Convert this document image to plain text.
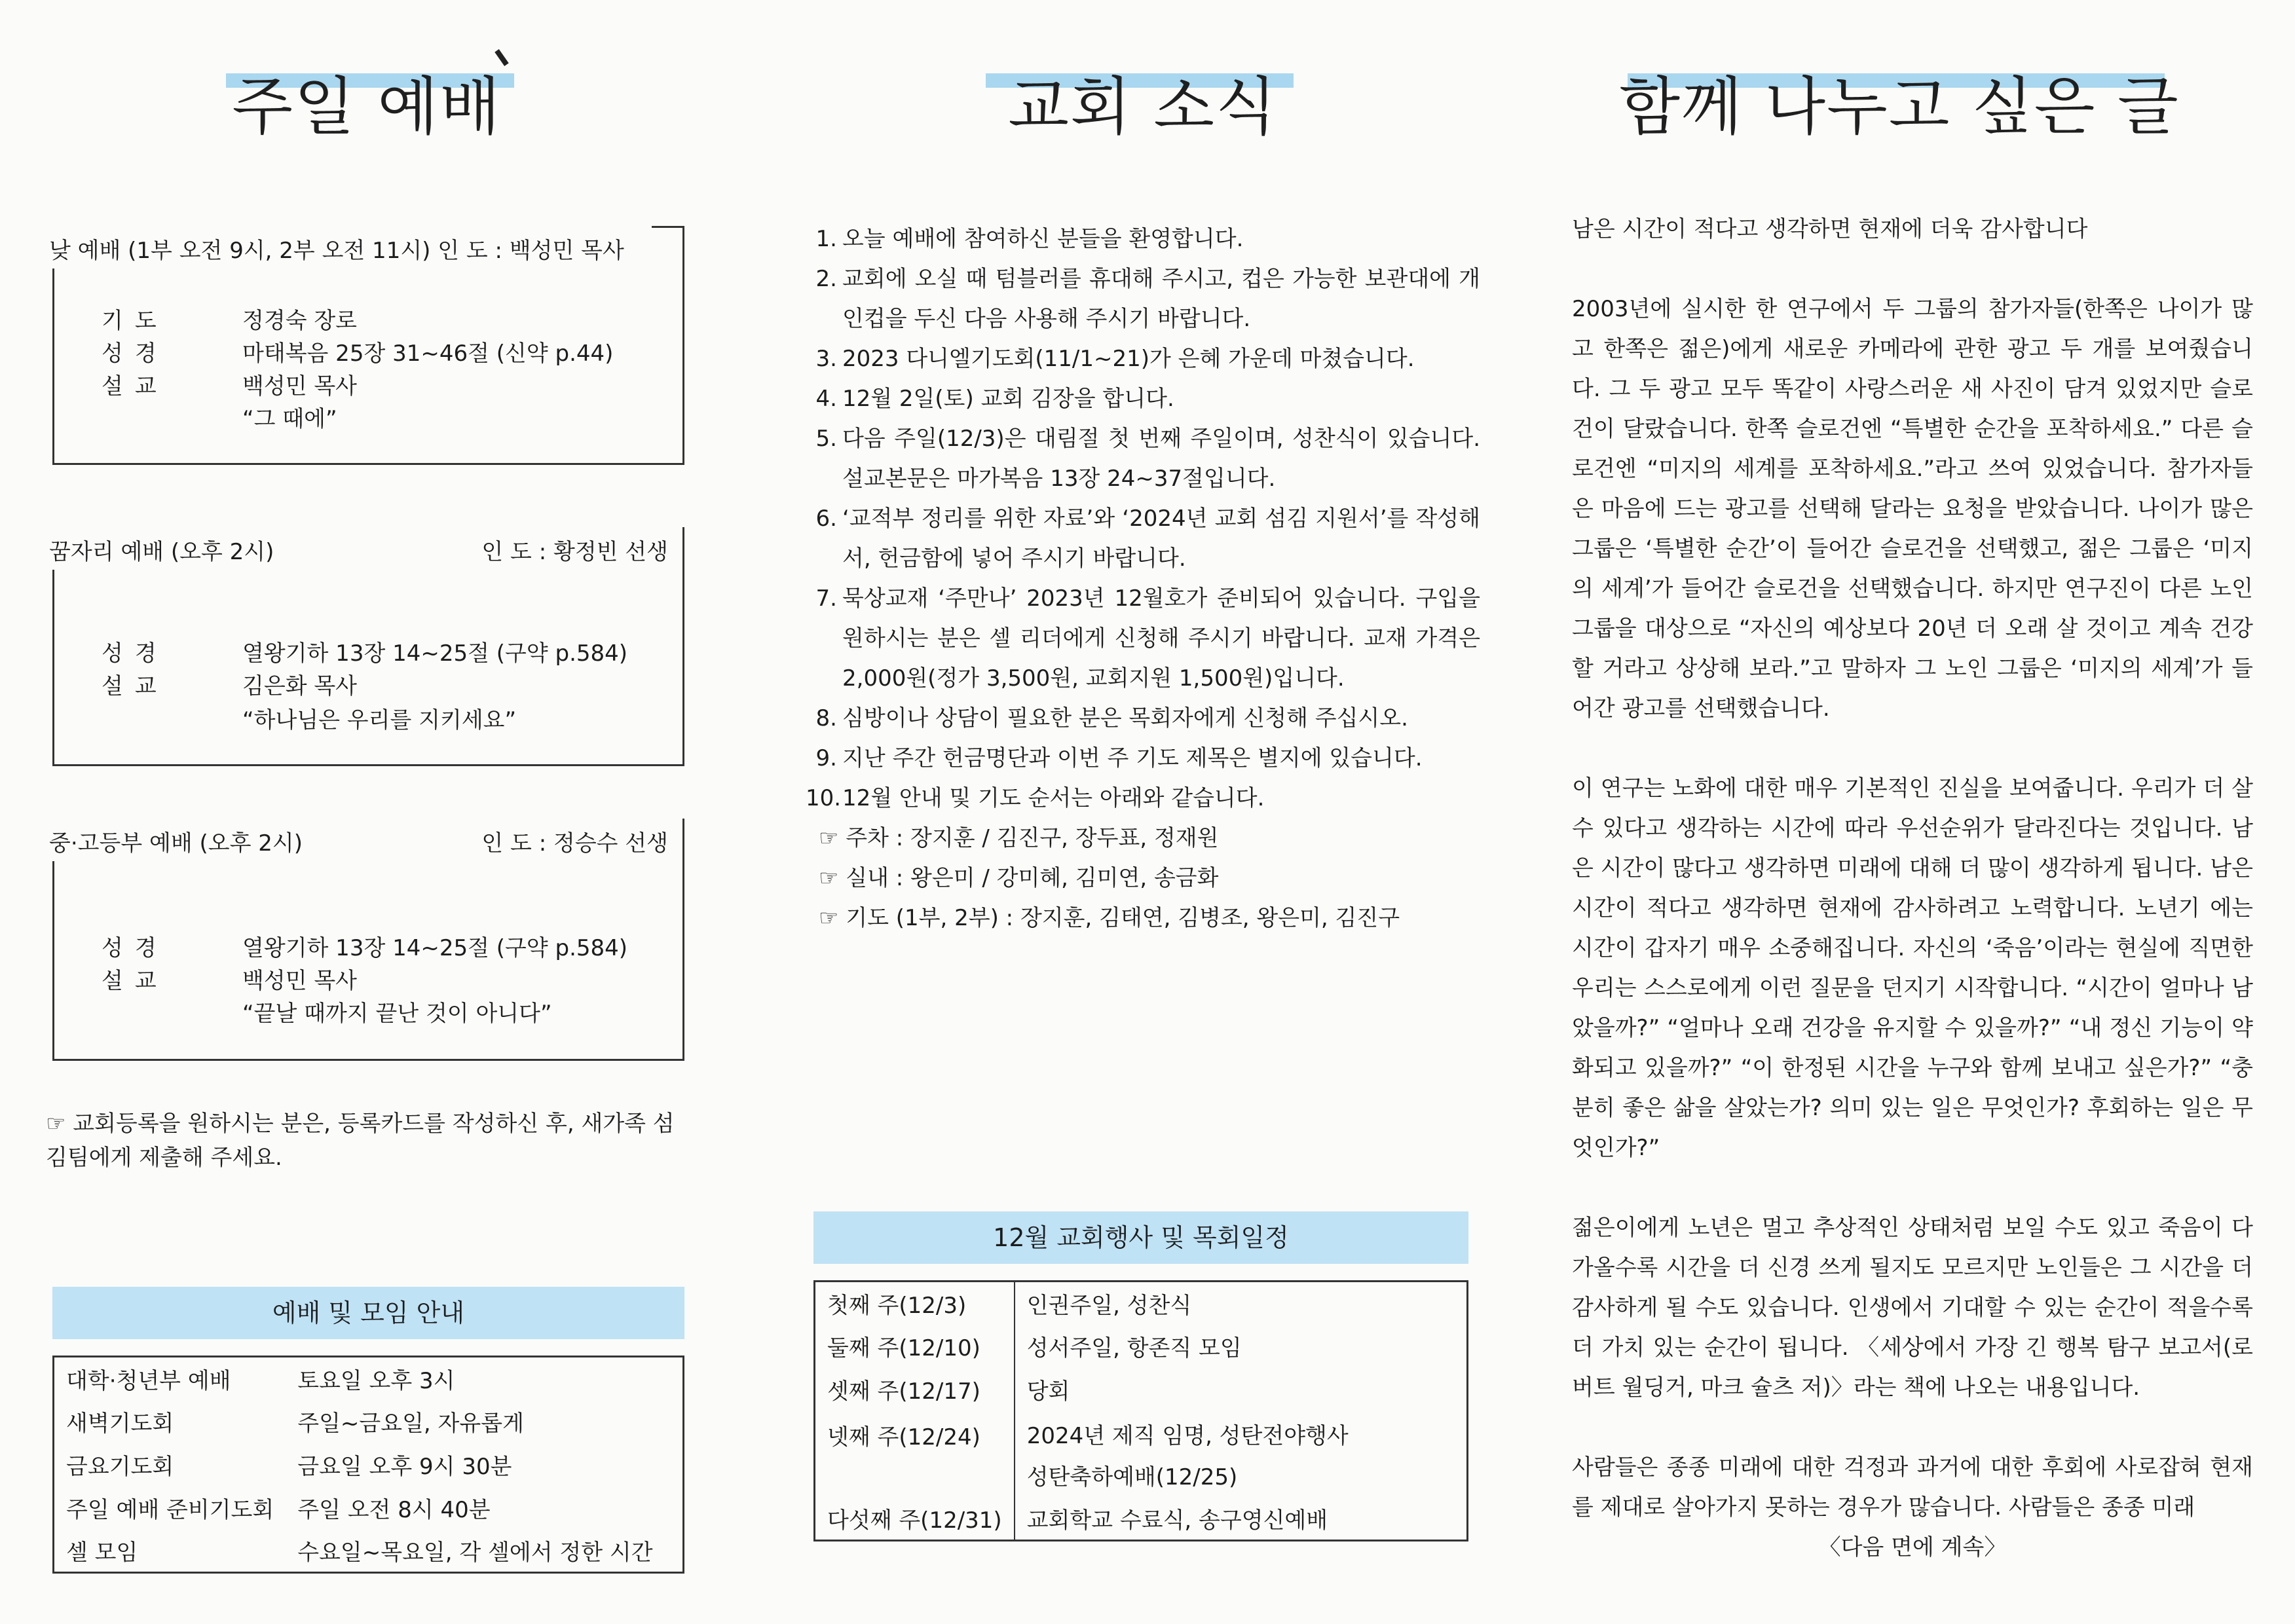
주일 예배
낮 예배 (1부 오전 9시, 2부 오전 11시) 인 도 : 백성민 목사
기도	정경숙 장로
성경	마태복음 25장 31~46절 (신약 p.44)
설교	백성민 목사
“그 때에”
꿈자리 예배 (오후 2시)	인 도 : 황정빈 선생
성경	열왕기하 13장 14~25절 (구약 p.584)
설교	김은화 목사
“하나님은 우리를 지키세요”
중·고등부 예배 (오후 2시)	인 도 : 정승수 선생
성경	열왕기하 13장 14~25절 (구약 p.584)
설교	백성민 목사
“끝날 때까지 끝난 것이 아니다”
☞ 교회등록을 원하시는 분은, 등록카드를 작성하신 후, 새가족 섬김팀에게 제출해 주세요.
예배 및 모임 안내
대학·청년부 예배	토요일 오후 3시
새벽기도회	주일~금요일, 자유롭게
금요기도회	금요일 오후 9시 30분
주일 예배 준비기도회	주일 오전 8시 40분
셀 모임	수요일~목요일, 각 셀에서 정한 시간
교회 소식
1. 오늘 예배에 참여하신 분들을 환영합니다.
2. 교회에 오실 때 텀블러를 휴대해 주시고, 컵은 가능한 보관대에 개인컵을 두신 다음 사용해 주시기 바랍니다.
3. 2023 다니엘기도회(11/1~21)가 은혜 가운데 마쳤습니다.
4. 12월 2일(토) 교회 김장을 합니다.
5. 다음 주일(12/3)은 대림절 첫 번째 주일이며, 성찬식이 있습니다. 설교본문은 마가복음 13장 24~37절입니다.
6. ‘교적부 정리를 위한 자료’와 ‘2024년 교회 섬김 지원서’를 작성해서, 헌금함에 넣어 주시기 바랍니다.
7. 묵상교재 ‘주만나’ 2023년 12월호가 준비되어 있습니다. 구입을 원하시는 분은 셀 리더에게 신청해 주시기 바랍니다. 교재 가격은 2,000원(정가 3,500원, 교회지원 1,500원)입니다.
8. 심방이나 상담이 필요한 분은 목회자에게 신청해 주십시오.
9. 지난 주간 헌금명단과 이번 주 기도 제목은 별지에 있습니다.
10. 12월 안내 및 기도 순서는 아래와 같습니다.
☞ 주차 : 장지훈 / 김진구, 장두표, 정재원
☞ 실내 : 왕은미 / 강미혜, 김미연, 송금화
☞ 기도 (1부, 2부) : 장지훈, 김태연, 김병조, 왕은미, 김진구
12월 교회행사 및 목회일정
첫째 주(12/3)	인권주일, 성찬식

둘째 주(12/10)	성서주일, 항존직 모임

셋째 주(12/17)	당회

넷째 주(12/24)	2024년 제직 임명, 성탄전야행사
성탄축하예배(12/25)

다섯째 주(12/31)	교회학교 수료식, 송구영신예배
함께 나누고 싶은 글
남은 시간이 적다고 생각하면 현재에 더욱 감사합니다

2003년에 실시한 한 연구에서 두 그룹의 참가자들(한쪽은 나이가 많고 한쪽은 젊은)에게 새로운 카메라에 관한 광고 두 개를 보여줬습니다. 그 두 광고 모두 똑같이 사랑스러운 새 사진이 담겨 있었지만 슬로건이 달랐습니다. 한쪽 슬로건엔 “특별한 순간을 포착하세요.” 다른 슬로건엔 “미지의 세계를 포착하세요.”라고 쓰여 있었습니다. 참가자들은 마음에 드는 광고를 선택해 달라는 요청을 받았습니다. 나이가 많은 그룹은 ‘특별한 순간’이 들어간 슬로건을 선택했고, 젊은 그룹은 ‘미지의 세계’가 들어간 슬로건을 선택했습니다. 하지만 연구진이 다른 노인 그룹을 대상으로 “자신의 예상보다 20년 더 오래 살 것이고 계속 건강할 거라고 상상해 보라.”고 말하자 그 노인 그룹은 ‘미지의 세계’가 들어간 광고를 선택했습니다.

이 연구는 노화에 대한 매우 기본적인 진실을 보여줍니다. 우리가 더 살 수 있다고 생각하는 시간에 따라 우선순위가 달라진다는 것입니다. 남은 시간이 많다고 생각하면 미래에 대해 더 많이 생각하게 됩니다. 남은 시간이 적다고 생각하면 현재에 감사하려고 노력합니다. 노년기 에는 시간이 갑자기 매우 소중해집니다. 자신의 ‘죽음’이라는 현실에 직면한 우리는 스스로에게 이런 질문을 던지기 시작합니다. “시간이 얼마나 남았을까?” “얼마나 오래 건강을 유지할 수 있을까?” “내 정신 기능이 약화되고 있을까?” “이 한정된 시간을 누구와 함께 보내고 싶은가?” “충분히 좋은 삶을 살았는가? 의미 있는 일은 무엇인가? 후회하는 일은 무엇인가?”

젊은이에게 노년은 멀고 추상적인 상태처럼 보일 수도 있고 죽음이 다가올수록 시간을 더 신경 쓰게 될지도 모르지만 노인들은 그 시간을 더 감사하게 될 수도 있습니다. 인생에서 기대할 수 있는 순간이 적을수록 더 가치 있는 순간이 됩니다. 〈세상에서 가장 긴 행복 탐구 보고서(로버트 월딩거, 마크 슐츠 저)〉라는 책에 나오는 내용입니다.

사람들은 종종 미래에 대한 걱정과 과거에 대한 후회에 사로잡혀 현재를 제대로 살아가지 못하는 경우가 많습니다. 사람들은 종종 미래

〈다음 면에 계속〉
